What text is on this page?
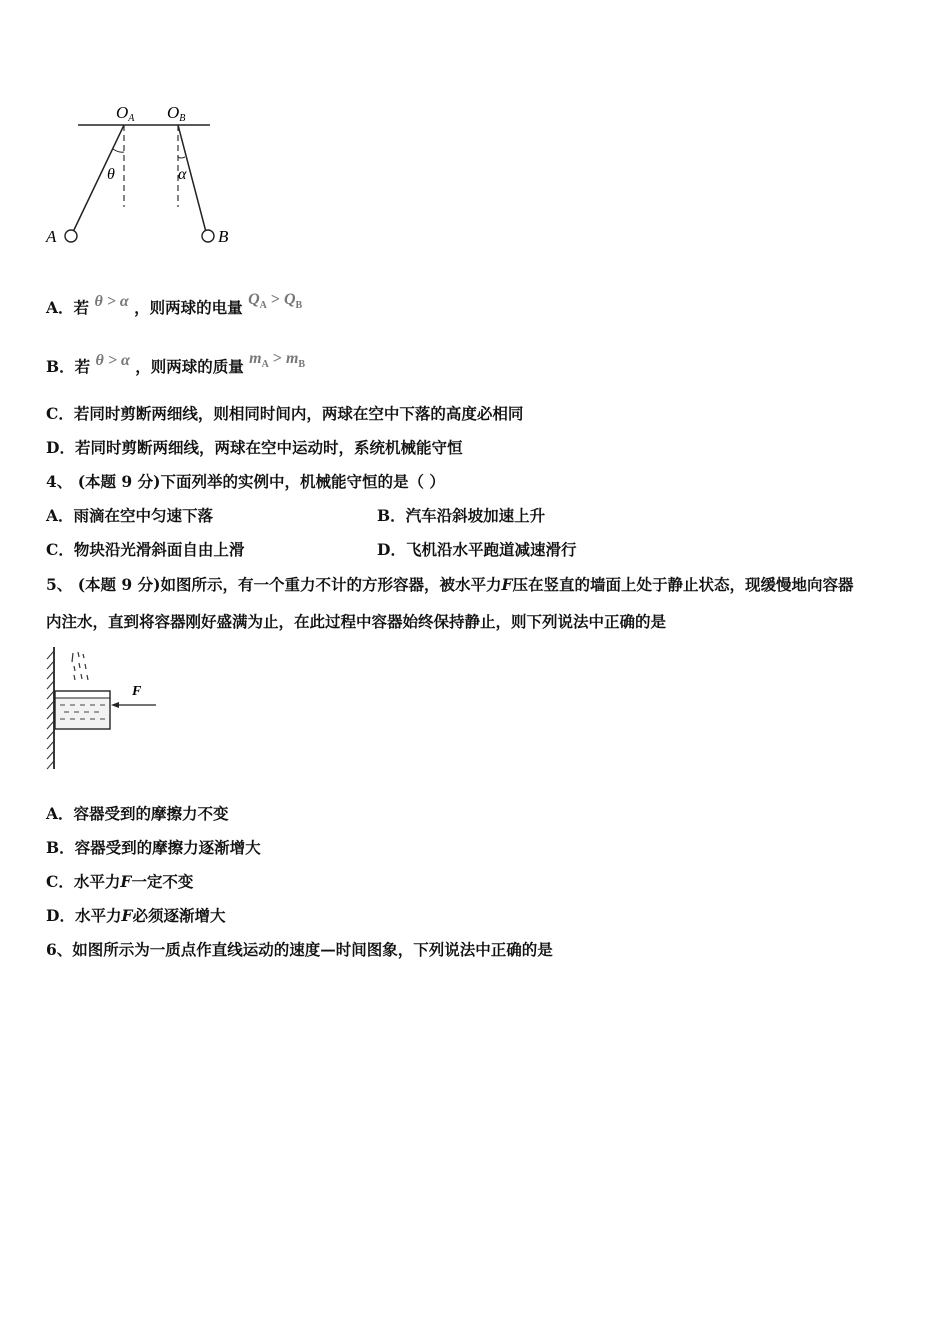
OA OB
θ	α
A	B
A．若 θ > α ，则两球的电量 $Q_A > Q_B$
B．若 θ > α ，则两球的质量 $m_A > m_B$
C．若同时剪断两细线，则相同时间内，两球在空中下落的高度必相同
D．若同时剪断两细线，两球在空中运动时，系统机械能守恒
4、 (本题 9 分)下面列举的实例中，机械能守恒的是（ ）
A．雨滴在空中匀速下落	B．汽车沿斜坡加速上升
C．物块沿光滑斜面自由上滑	D．飞机沿水平跑道减速滑行
5、 (本题 9 分)如图所示，有一个重力不计的方形容器，被水平力F压在竖直的墙面上处于静止状态，现缓慢地向容器
内注水，直到将容器刚好盛满为止，在此过程中容器始终保持静止，则下列说法中正确的是
F
A．容器受到的摩擦力不变
B．容器受到的摩擦力逐渐增大
C．水平力F一定不变
D．水平力F必须逐渐增大
6、如图所示为一质点作直线运动的速度—时间图象，下列说法中正确的是
